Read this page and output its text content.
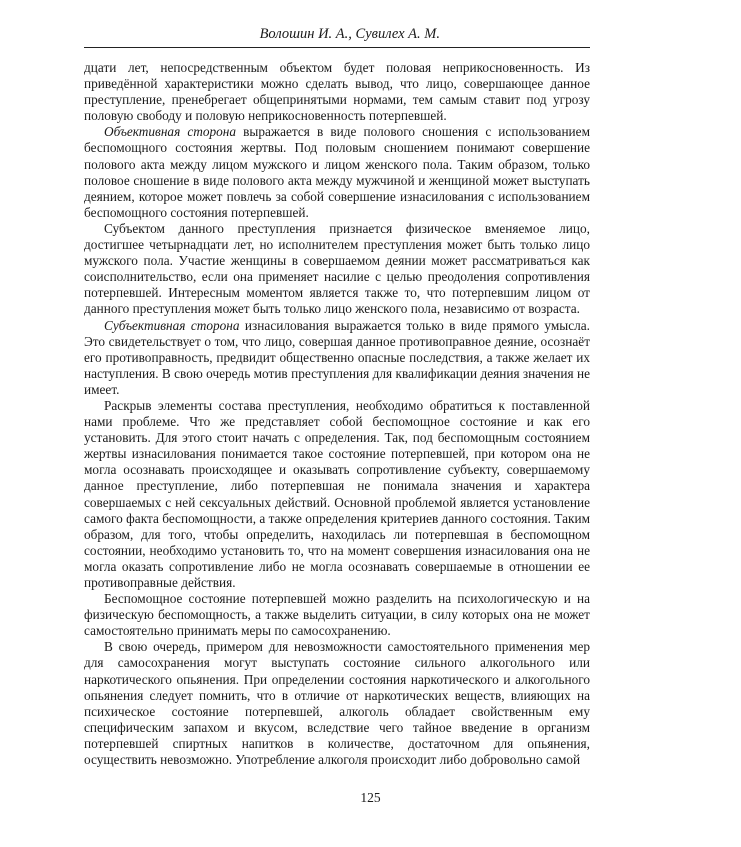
Волошин И. А., Сувилех А. М.

дцати лет, непосредственным объектом будет половая неприкосновенность. Из приведённой характеристики можно сделать вывод, что лицо, совершающее данное преступление, пренебрегает общепринятыми нормами, тем самым ставит под угрозу половую свободу и половую неприкосновенность потерпевшей.

Объективная сторона выражается в виде полового сношения с использованием беспомощного состояния жертвы. Под половым сношением понимают совершение полового акта между лицом мужского и лицом женского пола. Таким образом, только половое сношение в виде полового акта между мужчиной и женщиной может выступать деянием, которое может повлечь за собой совершение изнасилования с использованием беспомощного состояния потерпевшей.

Субъектом данного преступления признается физическое вменяемое лицо, достигшее четырнадцати лет, но исполнителем преступления может быть только лицо мужского пола. Участие женщины в совершаемом деянии может рассматриваться как соисполнительство, если она применяет насилие с целью преодоления сопротивления потерпевшей. Интересным моментом является также то, что потерпевшим лицом от данного преступления может быть только лицо женского пола, независимо от возраста.

Субъективная сторона изнасилования выражается только в виде прямого умысла. Это свидетельствует о том, что лицо, совершая данное противоправное деяние, осознаёт его противоправность, предвидит общественно опасные последствия, а также желает их наступления. В свою очередь мотив преступления для квалификации деяния значения не имеет.

Раскрыв элементы состава преступления, необходимо обратиться к поставленной нами проблеме. Что же представляет собой беспомощное состояние и как его установить. Для этого стоит начать с определения. Так, под беспомощным состоянием жертвы изнасилования понимается такое состояние потерпевшей, при котором она не могла осознавать происходящее и оказывать сопротивление субъекту, совершаемому данное преступление, либо потерпевшая не понимала значения и характера совершаемых с ней сексуальных действий. Основной проблемой является установление самого факта беспомощности, а также определения критериев данного состояния. Таким образом, для того, чтобы определить, находилась ли потерпевшая в беспомощном состоянии, необходимо установить то, что на момент совершения изнасилования она не могла оказать сопротивление либо не могла осознавать совершаемые в отношении ее противоправные действия.

Беспомощное состояние потерпевшей можно разделить на психологическую и на физическую беспомощность, а также выделить ситуации, в силу которых она не может самостоятельно принимать меры по самосохранению.

В свою очередь, примером для невозможности самостоятельного применения мер для самосохранения могут выступать состояние сильного алкогольного или наркотического опьянения. При определении состояния наркотического и алкогольного опьянения следует помнить, что в отличие от наркотических веществ, влияющих на психическое состояние потерпевшей, алкоголь обладает свойственным ему специфическим запахом и вкусом, вследствие чего тайное введение в организм потерпевшей спиртных напитков в количестве, достаточном для опьянения, осуществить невозможно. Употребление алкоголя происходит либо добровольно самой

125
